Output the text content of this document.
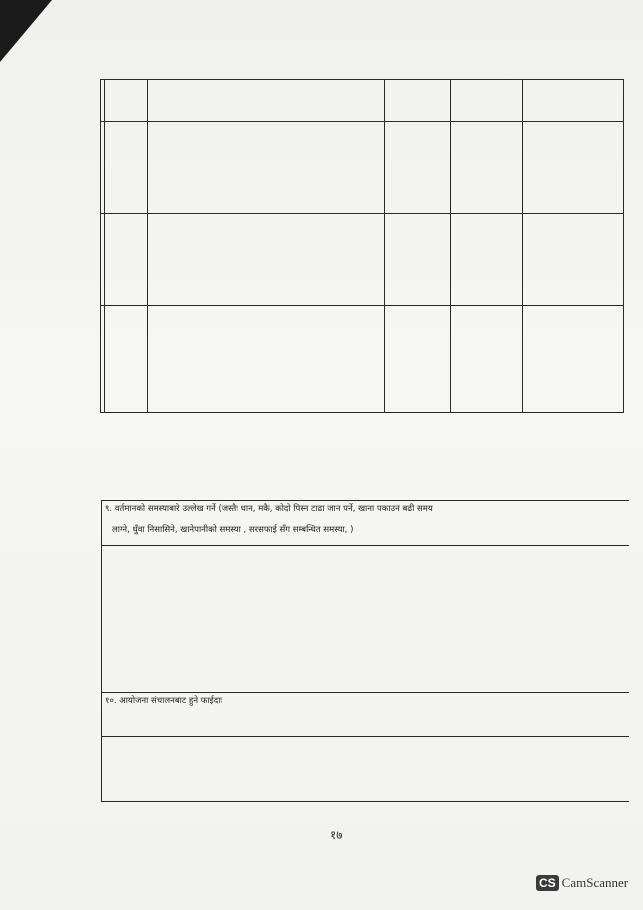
९. वर्तमानको समस्याबारे उल्लेख गर्ने (जस्तैः धान, मकै, कोदो पिस्न टाढा जान पर्ने, खाना पकाउन बढी समय
लाग्ने, धुँवा निसासिने, खानेपानीको समस्या , सरसफाई सँग सम्बन्धित समस्या, )
१०. आयोजना संचालनबाट हुने फाईदाः
१७
CS CamScanner
